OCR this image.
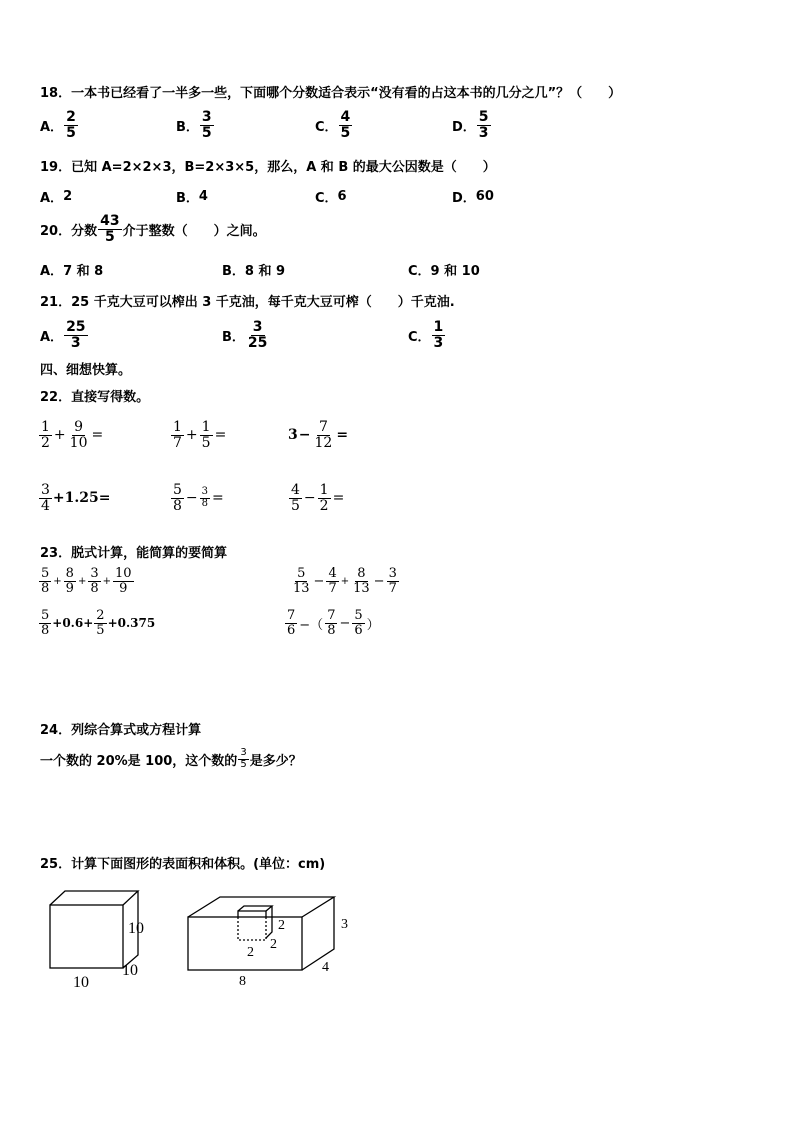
18．一本书已经看了一半多一些，下面哪个分数适合表示“没有看的占这本书的几分之几”？（　　）
A． $\frac{2}{5}$	B． $\frac{3}{5}$	C． $\frac{4}{5}$	D． $\frac{5}{3}$
19．已知 A=2×2×3，B=2×3×5，那么，A 和 B 的最大公因数是（　　）
A． 2	B． 4	C． 6	D． 60
20．分数 $\frac{43}{5}$ 介于整数（　　）之间。
A． 7 和 8	B． 8 和 9	C． 9 和 10
21．25 千克大豆可以榨出 3 千克油，每千克大豆可榨（　　）千克油.
A． $\frac{25}{3}$	B． $\frac{3}{25}$	C． $\frac{1}{3}$
四、细想快算。
22．直接写得数。
$\frac{1}{2} + \frac{9}{10}$ =	$\frac{1}{7} + \frac{1}{5}$ =	$3 - \frac{7}{12}$ =
$\frac{3}{4} +1.25=$	$\frac{5}{8} - \frac{3}{8}$ =	$\frac{4}{5} - \frac{1}{2}$ =
23．脱式计算，能简算的要简算
$\frac{5}{8} + \frac{8}{9} + \frac{3}{8} + \frac{10}{9}$	$\frac{5}{13} - \frac{4}{7} + \frac{8}{13} - \frac{3}{7}$
$\frac{5}{8} +0.6+ \frac{2}{5} +0.375$	$\frac{7}{6}$ −（ $\frac{7}{8} - \frac{5}{6}$ ）
24．列综合算式或方程计算
一个数的 20%是 100，这个数的 $\frac{3}{5}$ 是多少？
25．计算下面图形的表面积和体积。(单位：cm)
10
10
10
2
2
2
3
4
8
